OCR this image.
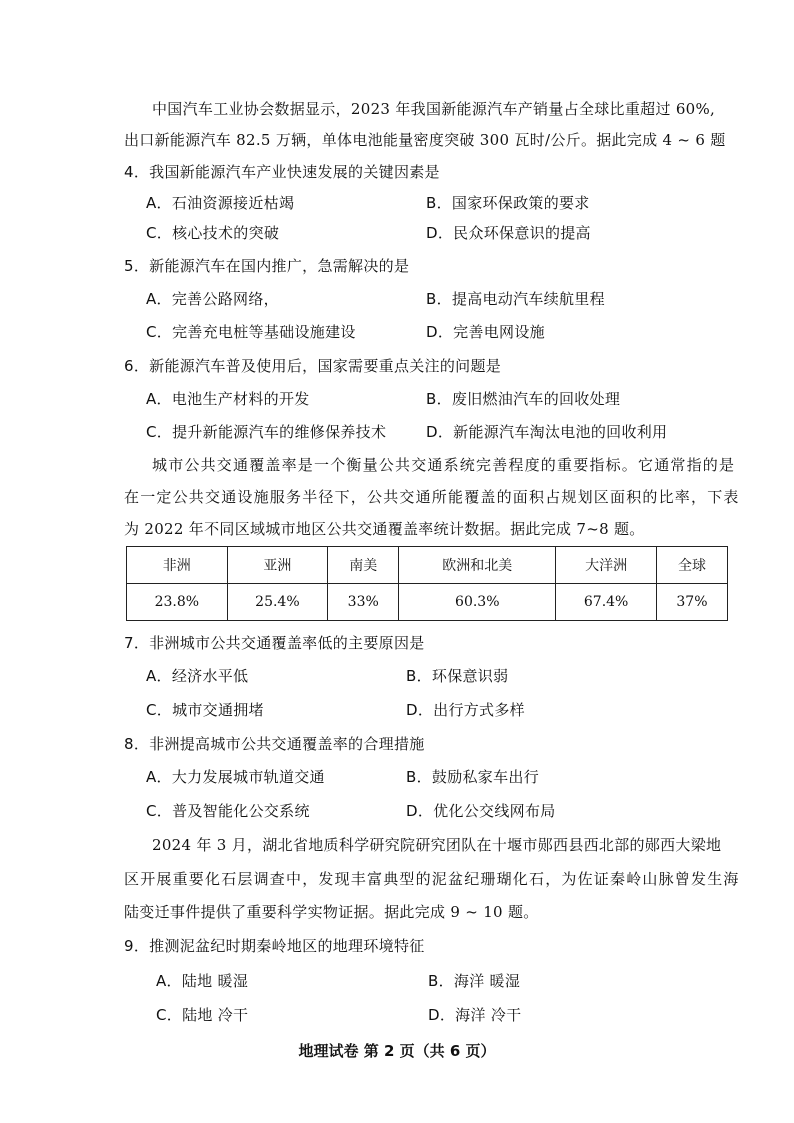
中国汽车工业协会数据显示，2023 年我国新能源汽车产销量占全球比重超过 60%,
出口新能源汽车 82.5 万辆，单体电池能量密度突破 300 瓦时/公斤。据此完成 4 ~ 6 题
4．我国新能源汽车产业快速发展的关键因素是
A．石油资源接近枯竭	B．国家环保政策的要求
C．核心技术的突破	D．民众环保意识的提高
5．新能源汽车在国内推广，急需解决的是
A．完善公路网络，	B．提高电动汽车续航里程
C．完善充电桩等基础设施建设	D．完善电网设施
6．新能源汽车普及使用后，国家需要重点关注的问题是
A．电池生产材料的开发	B．废旧燃油汽车的回收处理
C．提升新能源汽车的维修保养技术	D．新能源汽车淘汰电池的回收利用
城市公共交通覆盖率是一个衡量公共交通系统完善程度的重要指标。它通常指的是
在一定公共交通设施服务半径下，公共交通所能覆盖的面积占规划区面积的比率，下表
为 2022 年不同区域城市地区公共交通覆盖率统计数据。据此完成 7~8 题。
非洲	亚洲	南美	欧洲和北美	大洋洲	全球
23.8%	25.4%	33%	60.3%	67.4%	37%
7．非洲城市公共交通覆盖率低的主要原因是
A．经济水平低	B．环保意识弱
C．城市交通拥堵	D．出行方式多样
8．非洲提高城市公共交通覆盖率的合理措施
A．大力发展城市轨道交通	B．鼓励私家车出行
C．普及智能化公交系统	D．优化公交线网布局
2024 年 3 月，湖北省地质科学研究院研究团队在十堰市郧西县西北部的郧西大梁地
区开展重要化石层调查中，发现丰富典型的泥盆纪珊瑚化石，为佐证秦岭山脉曾发生海
陆变迁事件提供了重要科学实物证据。据此完成 9 ~ 10 题。
9．推测泥盆纪时期秦岭地区的地理环境特征
A．陆地 暖湿	B．海洋 暖湿
C．陆地 冷干	D．海洋 冷干
地理试卷 第 2 页（共 6 页）
